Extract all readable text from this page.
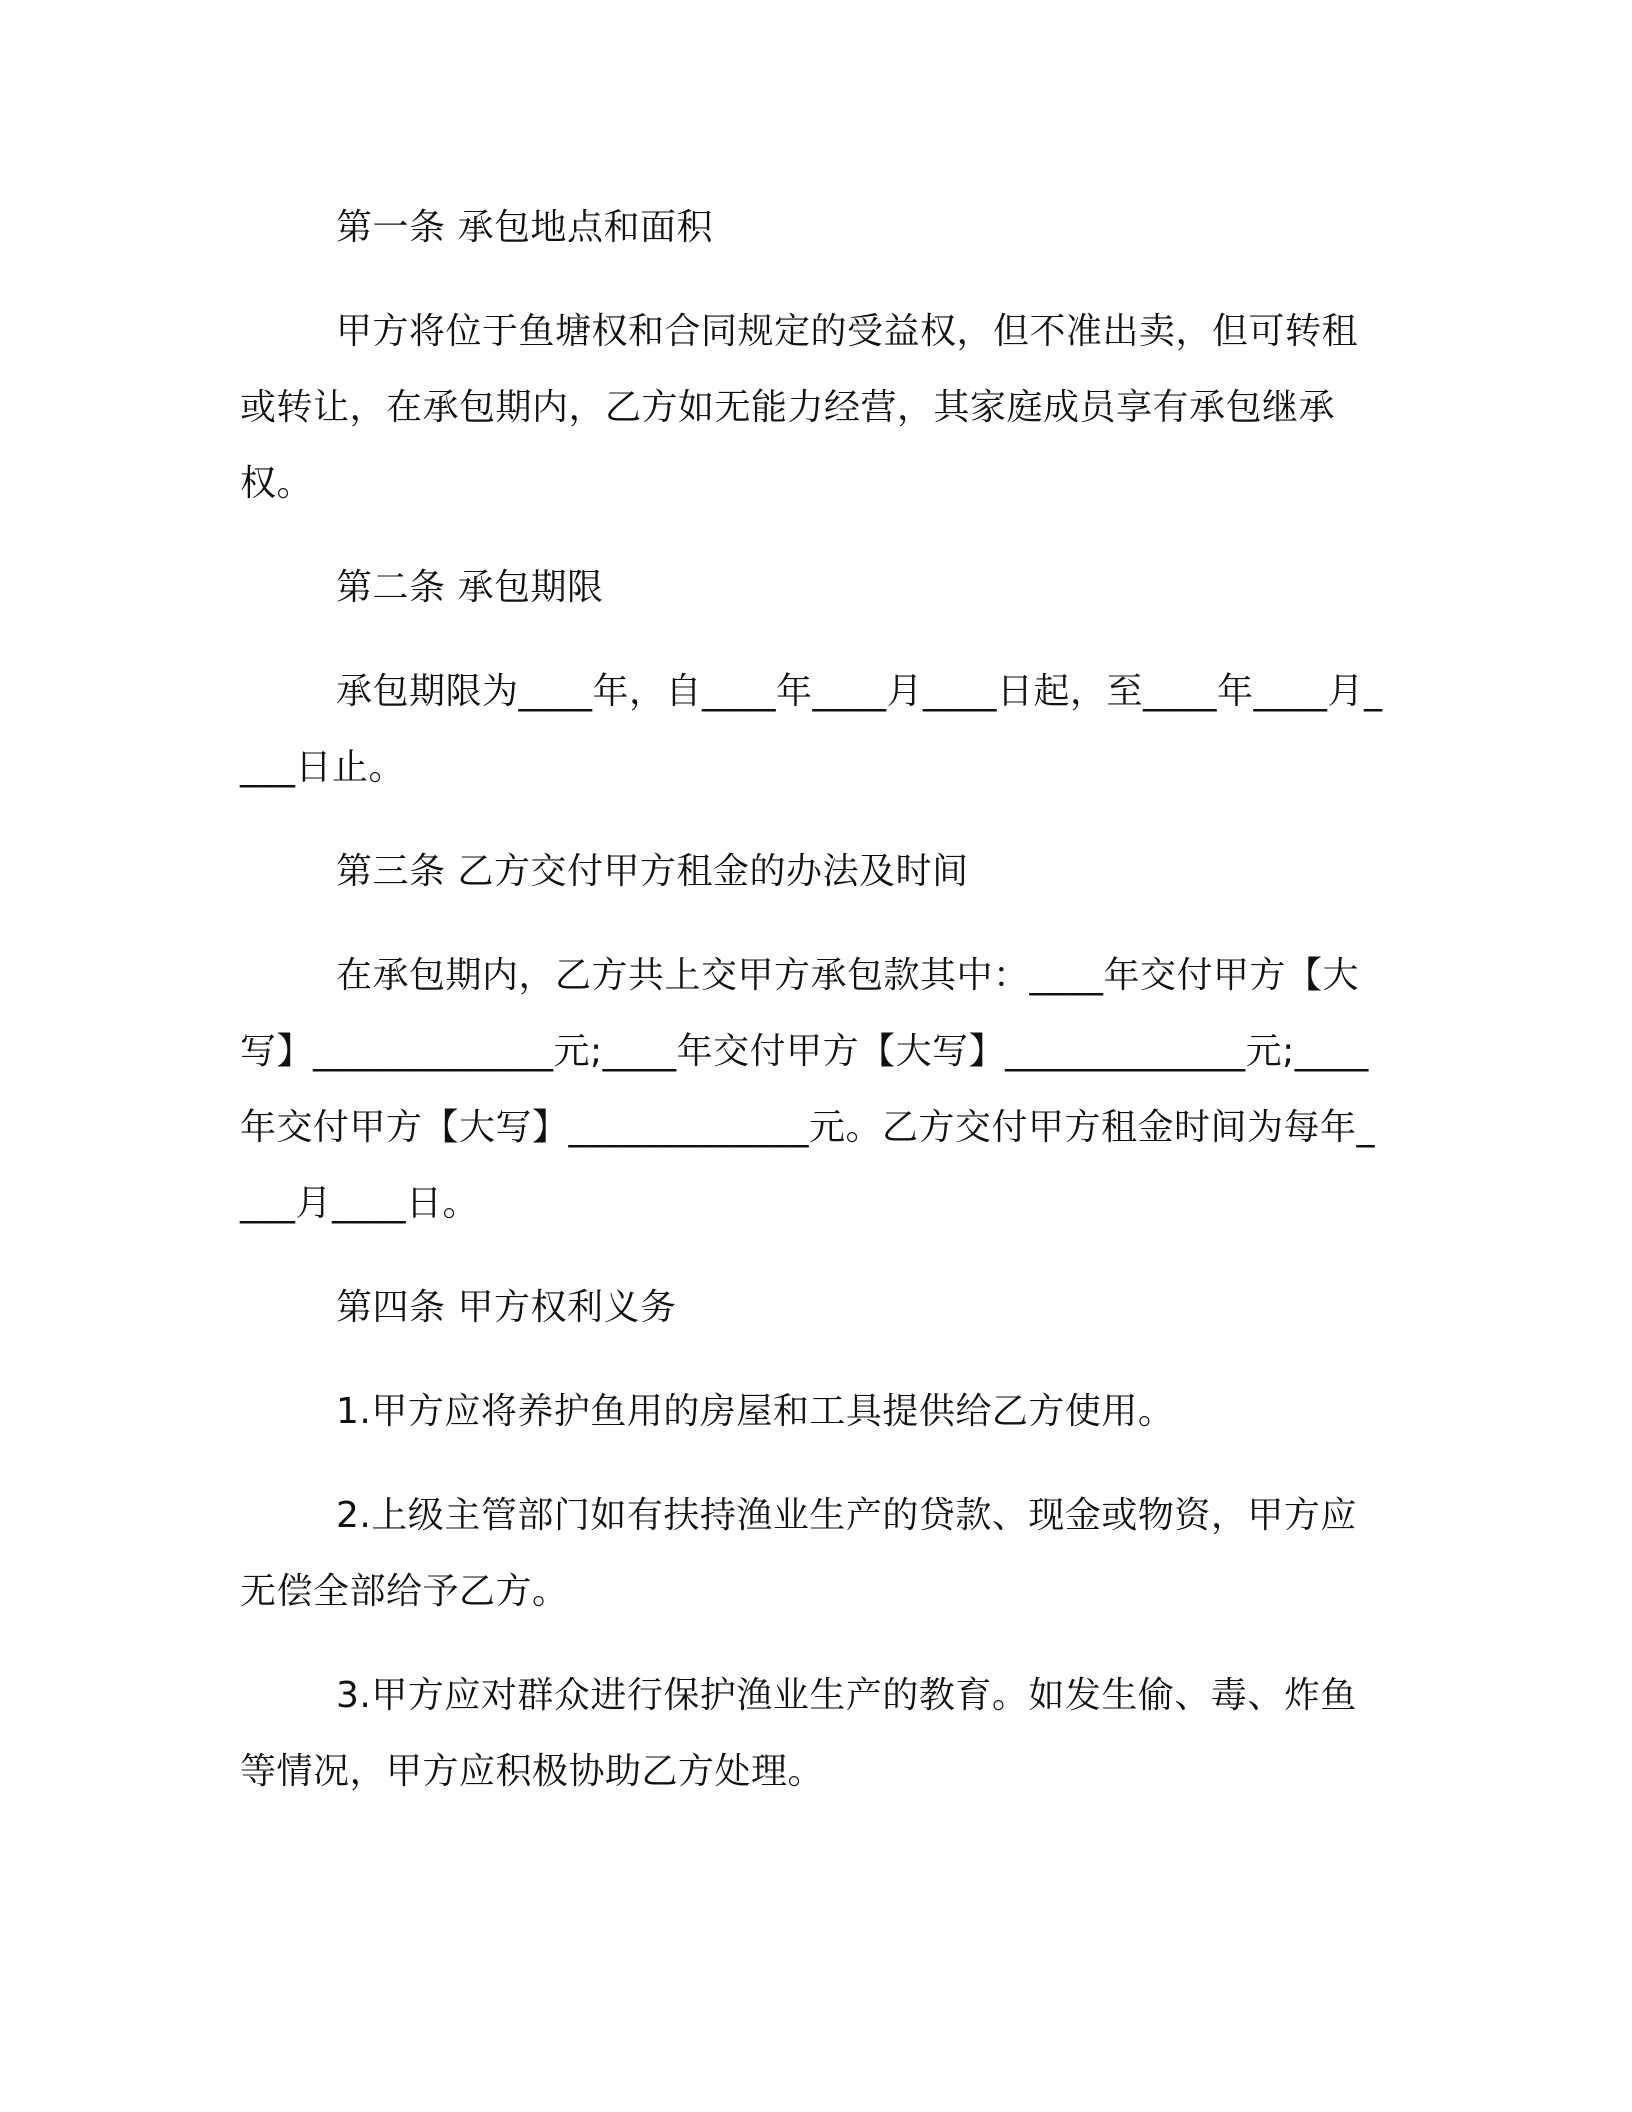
第一条 承包地点和面积

甲方将位于鱼塘权和合同规定的受益权，但不准出卖，但可转租或转让，在承包期内，乙方如无能力经营，其家庭成员享有承包继承权。

第二条 承包期限

承包期限为____年，自____年____月____日起，至____年____月____日止。

第三条 乙方交付甲方租金的办法及时间

在承包期内，乙方共上交甲方承包款其中：____年交付甲方【大写】_____________元;____年交付甲方【大写】_____________元;____年交付甲方【大写】_____________元。乙方交付甲方租金时间为每年____月____日。

第四条 甲方权利义务

1.甲方应将养护鱼用的房屋和工具提供给乙方使用。

2.上级主管部门如有扶持渔业生产的贷款、现金或物资，甲方应无偿全部给予乙方。

3.甲方应对群众进行保护渔业生产的教育。如发生偷、毒、炸鱼等情况，甲方应积极协助乙方处理。
